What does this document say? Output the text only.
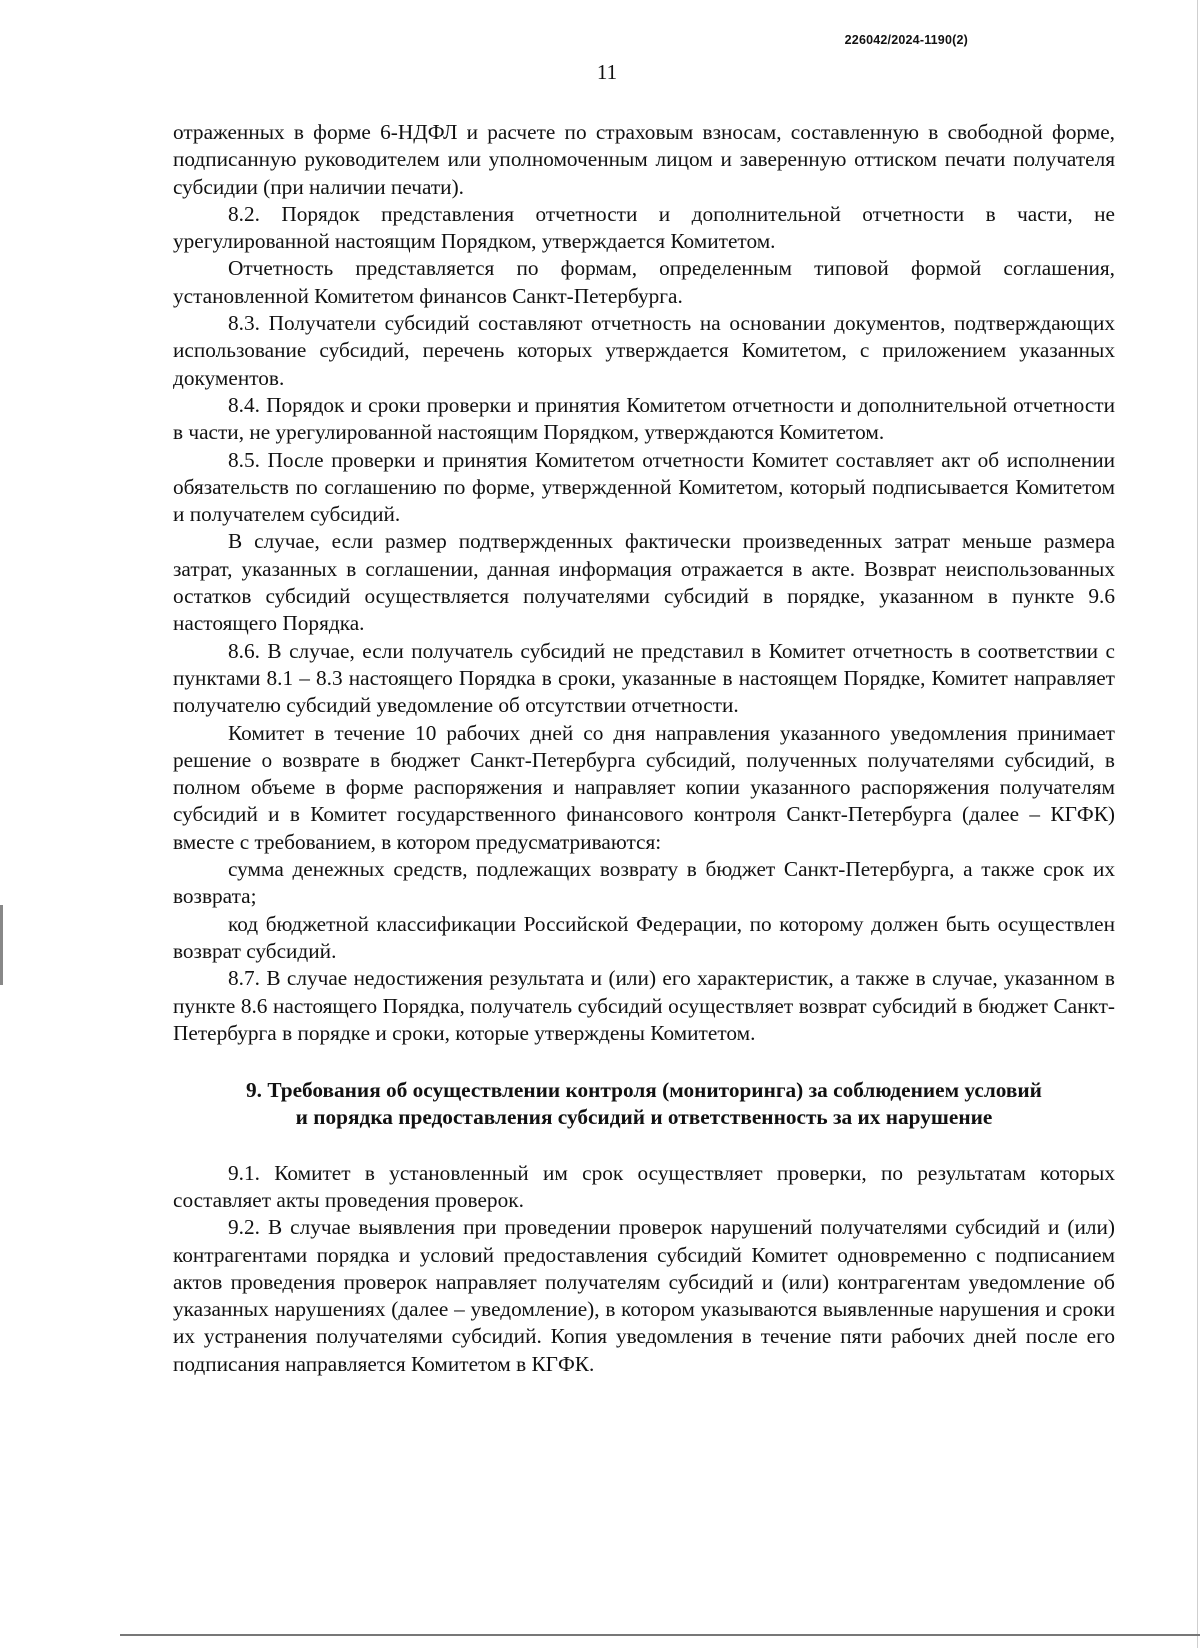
226042/2024-1190(2)
11

отраженных в форме 6-НДФЛ и расчете по страховым взносам, составленную в свободной форме, подписанную руководителем или уполномоченным лицом и заверенную оттиском печати получателя субсидии (при наличии печати).

8.2. Порядок представления отчетности и дополнительной отчетности в части, не урегулированной настоящим Порядком, утверждается Комитетом.

Отчетность представляется по формам, определенным типовой формой соглашения, установленной Комитетом финансов Санкт-Петербурга.

8.3. Получатели субсидий составляют отчетность на основании документов, подтверждающих использование субсидий, перечень которых утверждается Комитетом, с приложением указанных документов.

8.4. Порядок и сроки проверки и принятия Комитетом отчетности и дополнительной отчетности в части, не урегулированной настоящим Порядком, утверждаются Комитетом.

8.5. После проверки и принятия Комитетом отчетности Комитет составляет акт об исполнении обязательств по соглашению по форме, утвержденной Комитетом, который подписывается Комитетом и получателем субсидий.

В случае, если размер подтвержденных фактически произведенных затрат меньше размера затрат, указанных в соглашении, данная информация отражается в акте. Возврат неиспользованных остатков субсидий осуществляется получателями субсидий в порядке, указанном в пункте 9.6 настоящего Порядка.

8.6. В случае, если получатель субсидий не представил в Комитет отчетность в соответствии с пунктами 8.1 – 8.3 настоящего Порядка в сроки, указанные в настоящем Порядке, Комитет направляет получателю субсидий уведомление об отсутствии отчетности.

Комитет в течение 10 рабочих дней со дня направления указанного уведомления принимает решение о возврате в бюджет Санкт-Петербурга субсидий, полученных получателями субсидий, в полном объеме в форме распоряжения и направляет копии указанного распоряжения получателям субсидий и в Комитет государственного финансового контроля Санкт-Петербурга (далее – КГФК) вместе с требованием, в котором предусматриваются:

сумма денежных средств, подлежащих возврату в бюджет Санкт-Петербурга, а также срок их возврата;

код бюджетной классификации Российской Федерации, по которому должен быть осуществлен возврат субсидий.

8.7. В случае недостижения результата и (или) его характеристик, а также в случае, указанном в пункте 8.6 настоящего Порядка, получатель субсидий осуществляет возврат субсидий в бюджет Санкт-Петербурга в порядке и сроки, которые утверждены Комитетом.

9. Требования об осуществлении контроля (мониторинга) за соблюдением условий
и порядка предоставления субсидий и ответственность за их нарушение

9.1. Комитет в установленный им срок осуществляет проверки, по результатам которых составляет акты проведения проверок.

9.2. В случае выявления при проведении проверок нарушений получателями субсидий и (или) контрагентами порядка и условий предоставления субсидий Комитет одновременно с подписанием актов проведения проверок направляет получателям субсидий и (или) контрагентам уведомление об указанных нарушениях (далее – уведомление), в котором указываются выявленные нарушения и сроки их устранения получателями субсидий. Копия уведомления в течение пяти рабочих дней после его подписания направляется Комитетом в КГФК.
